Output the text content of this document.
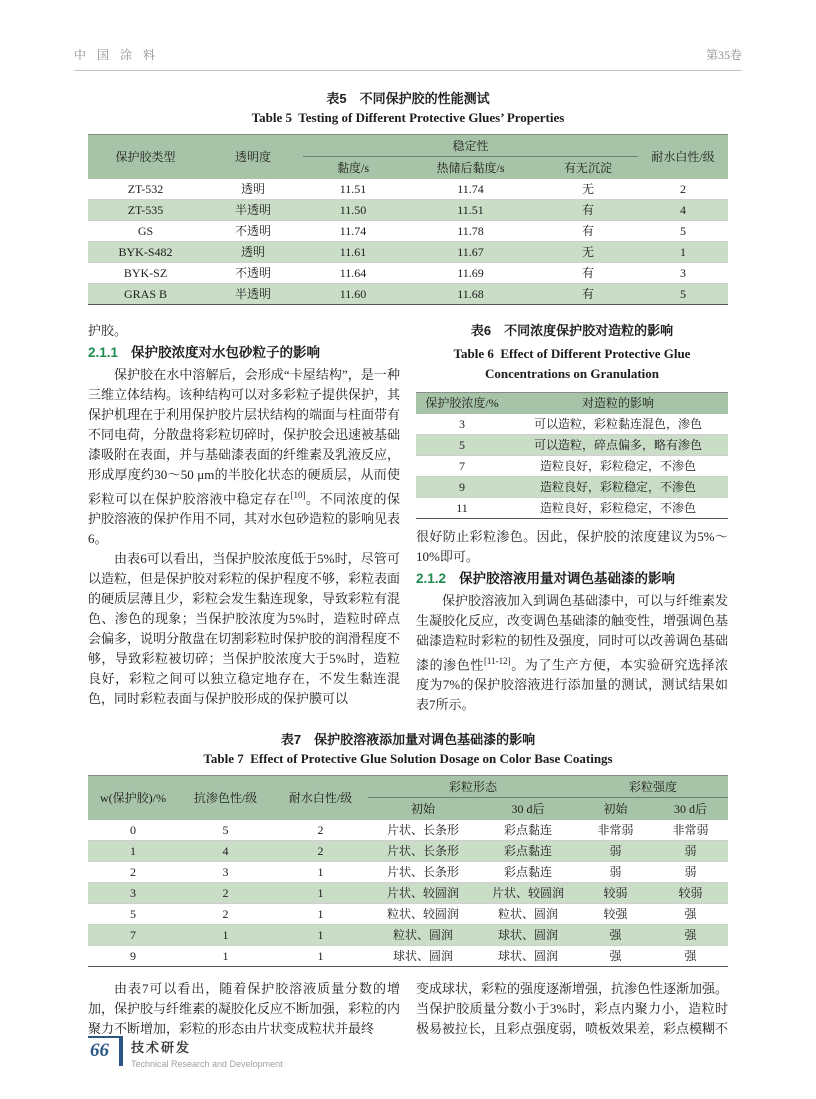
中 国 涂 料	第35卷
表5　不同保护胶的性能测试
Table 5  Testing of Different Protective Glues’ Properties
保护胶类型	透明度	稳定性			耐水白性/级
		黏度/s	热储后黏度/s	有无沉淀	
ZT-532	透明	11.51	11.74	无	2
ZT-535	半透明	11.50	11.51	有	4
GS	不透明	11.74	11.78	有	5
BYK-S482	透明	11.61	11.67	无	1
BYK-SZ	不透明	11.64	11.69	有	3
GRAS B	半透明	11.60	11.68	有	5

护胶。

2.1.1 保护胶浓度对水包砂粒子的影响

保护胶在水中溶解后，会形成“卡屋结构”，是一种三维立体结构。该种结构可以对多彩粒子提供保护，其保护机理在于利用保护胶片层状结构的端面与柱面带有不同电荷，分散盘将彩粒切碎时，保护胶会迅速被基础漆吸附在表面，并与基础漆表面的纤维素及乳液反应，形成厚度约30～50 μm的半胶化状态的硬质层，从而使彩粒可以在保护胶溶液中稳定存在[10]。不同浓度的保护胶溶液的保护作用不同，其对水包砂造粒的影响见表6。

由表6可以看出，当保护胶浓度低于5%时，尽管可以造粒，但是保护胶对彩粒的保护程度不够，彩粒表面的硬质层薄且少，彩粒会发生黏连现象，导致彩粒有混色、渗色的现象；当保护胶浓度为5%时，造粒时碎点会偏多，说明分散盘在切割彩粒时保护胶的润滑程度不够，导致彩粒被切碎；当保护胶浓度大于5%时，造粒良好，彩粒之间可以独立稳定地存在，不发生黏连混色，同时彩粒表面与保护胶形成的保护膜可以

表6　不同浓度保护胶对造粒的影响
Table 6  Effect of Different Protective Glue
Concentrations on Granulation
保护胶浓度/%	对造粒的影响
3	可以造粒，彩粒黏连混色，渗色
5	可以造粒，碎点偏多，略有渗色
7	造粒良好，彩粒稳定，不渗色
9	造粒良好，彩粒稳定，不渗色
11	造粒良好，彩粒稳定，不渗色

很好防止彩粒渗色。因此，保护胶的浓度建议为5%～10%即可。

2.1.2 保护胶溶液用量对调色基础漆的影响

保护胶溶液加入到调色基础漆中，可以与纤维素发生凝胶化反应，改变调色基础漆的触变性，增强调色基础漆造粒时彩粒的韧性及强度，同时可以改善调色基础漆的渗色性[11-12]。为了生产方便，本实验研究选择浓度为7%的保护胶溶液进行添加量的测试，测试结果如表7所示。

表7　保护胶溶液添加量对调色基础漆的影响
Table 7  Effect of Protective Glue Solution Dosage on Color Base Coatings
w(保护胶)/%	抗渗色性/级	耐水白性/级	彩粒形态		彩粒强度	
			初始	30 d后	初始	30 d后
0	5	2	片状、长条形	彩点黏连	非常弱	非常弱
1	4	2	片状、长条形	彩点黏连	弱	弱
2	3	1	片状、长条形	彩点黏连	弱	弱
3	2	1	片状、较圆润	片状、较圆润	较弱	较弱
5	2	1	粒状、较圆润	粒状、圆润	较强	强
7	1	1	粒状、圆润	球状、圆润	强	强
9	1	1	球状、圆润	球状、圆润	强	强

由表7可以看出，随着保护胶溶液质量分数的增加，保护胶与纤维素的凝胶化反应不断加强，彩粒的内聚力不断增加，彩粒的形态由片状变成粒状并最终

变成球状，彩粒的强度逐渐增强，抗渗色性逐渐加强。当保护胶质量分数小于3%时，彩点内聚力小，造粒时极易被拉长，且彩点强度弱，喷板效果差，彩点模糊不

66	技术研发
Technical Research and Development
